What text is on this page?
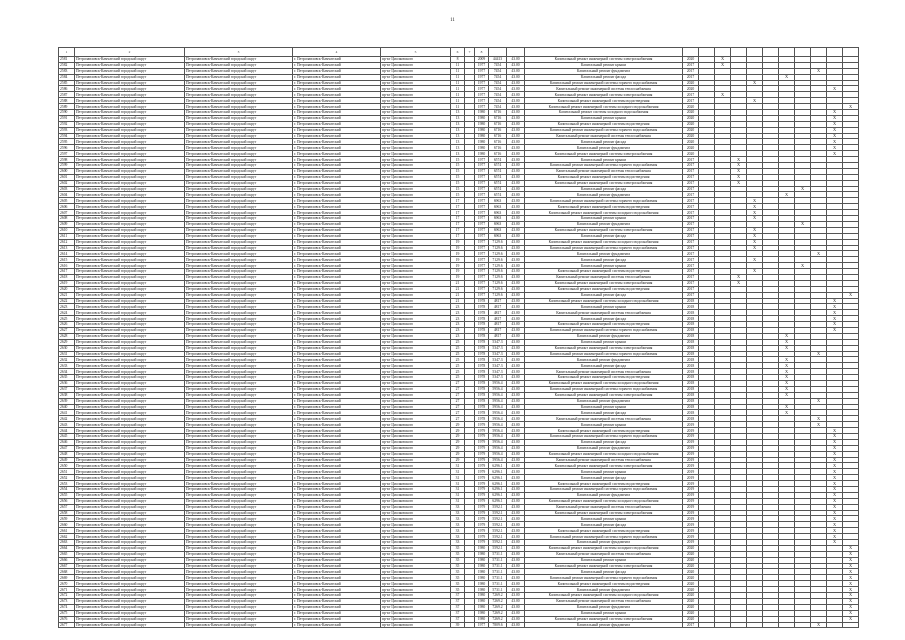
11
1	2	3	4	5	6	7	8														
2581	Петропавловск-Камчатский городской округ	Петропавловск-Камчатский городской округ	г. Петропавловск-Камчатский	пр-кт Циолковского	8		2009	44413	43.00	Капитальный ремонт инженерной системы электроснабжения	2020		X								
2582	Петропавловск-Камчатский городской округ	Петропавловск-Камчатский городской округ	г. Петропавловск-Камчатский	пр-кт Циолковского	11		1977	7454	43.00	Капитальный ремонт крыши	2017		X								
2583	Петропавловск-Камчатский городской округ	Петропавловск-Камчатский городской округ	г. Петропавловск-Камчатский	пр-кт Циолковского	11		1977	7454	43.00	Капитальный ремонт фундамента	2017								X		
2584	Петропавловск-Камчатский городской округ	Петропавловск-Камчатский городской округ	г. Петропавловск-Камчатский	пр-кт Циолковского	11		1977	7454	43.00	Капитальный ремонт фасада	2017						X				
2585	Петропавловск-Камчатский городской округ	Петропавловск-Камчатский городской округ	г. Петропавловск-Камчатский	пр-кт Циолковского	11		1977	7454	43.00	Капитальный ремонт инженерной системы горячего водоснабжения	2020				X						
2586	Петропавловск-Камчатский городской округ	Петропавловск-Камчатский городской округ	г. Петропавловск-Камчатский	пр-кт Циолковского	11		1977	7454	43.00	Капитальный ремонт инженерной системы теплоснабжения	2020									X	
2587	Петропавловск-Камчатский городской округ	Петропавловск-Камчатский городской округ	г. Петропавловск-Камчатский	пр-кт Циолковского	11		1977	7454	43.00	Капитальный ремонт инженерной системы электроснабжения	2017		X								
2588	Петропавловск-Камчатский городской округ	Петропавловск-Камчатский городской округ	г. Петропавловск-Камчатский	пр-кт Циолковского	11		1977	7454	43.00	Капитальный ремонт инженерной системы водоотведения	2017				X						
2589	Петропавловск-Камчатский городской округ	Петропавловск-Камчатский городской округ	г. Петропавловск-Камчатский	пр-кт Циолковского	11		1977	7454	43.00	Капитальный ремонт инженерной системы холодного водоснабжения	2020										X
2590	Петропавловск-Камчатский городской округ	Петропавловск-Камчатский городской округ	г. Петропавловск-Камчатский	пр-кт Циолковского	13		1980	6716	43.00	Капитальный ремонт системы холодного водоснабжения	2020									X	
2591	Петропавловск-Камчатский городской округ	Петропавловск-Камчатский городской округ	г. Петропавловск-Камчатский	пр-кт Циолковского	13		1980	6716	43.00	Капитальный ремонт крыши	2020									X	
2592	Петропавловск-Камчатский городской округ	Петропавловск-Камчатский городской округ	г. Петропавловск-Камчатский	пр-кт Циолковского	13		1980	6716	43.00	Капитальный ремонт инженерной системы водоотведения	2020									X	
2593	Петропавловск-Камчатский городской округ	Петропавловск-Камчатский городской округ	г. Петропавловск-Камчатский	пр-кт Циолковского	13		1980	6716	43.00	Капитальный ремонт инженерной системы горячего водоснабжения	2020									X	
2594	Петропавловск-Камчатский городской округ	Петропавловск-Камчатский городской округ	г. Петропавловск-Камчатский	пр-кт Циолковского	13		1980	6716	43.00	Капитальный ремонт инженерной системы теплоснабжения	2020									X	
2595	Петропавловск-Камчатский городской округ	Петропавловск-Камчатский городской округ	г. Петропавловск-Камчатский	пр-кт Циолковского	13		1980	6716	43.00	Капитальный ремонт фасада	2020									X	
2596	Петропавловск-Камчатский городской округ	Петропавловск-Камчатский городской округ	г. Петропавловск-Камчатский	пр-кт Циолковского	13		1980	6716	43.00	Капитальный ремонт фундамента	2020									X	
2597	Петропавловск-Камчатский городской округ	Петропавловск-Камчатский городской округ	г. Петропавловск-Камчатский	пр-кт Циолковского	13		1980	6716	43.00	Капитальный ремонт инженерной системы электроснабжения	2020									X	
2598	Петропавловск-Камчатский городской округ	Петропавловск-Камчатский городской округ	г. Петропавловск-Камчатский	пр-кт Циолковского	15		1977	6574	43.00	Капитальный ремонт крыши	2017			X							
2599	Петропавловск-Камчатский городской округ	Петропавловск-Камчатский городской округ	г. Петропавловск-Камчатский	пр-кт Циолковского	15		1977	6574	43.00	Капитальный ремонт инженерной системы горячего водоснабжения	2017			X							
2600	Петропавловск-Камчатский городской округ	Петропавловск-Камчатский городской округ	г. Петропавловск-Камчатский	пр-кт Циолковского	15		1977	6574	43.00	Капитальный ремонт инженерной системы теплоснабжения	2017			X							
2601	Петропавловск-Камчатский городской округ	Петропавловск-Камчатский городской округ	г. Петропавловск-Камчатский	пр-кт Циолковского	15		1977	6574	43.00	Капитальный ремонт инженерной системы водоотведения	2017			X							
2602	Петропавловск-Камчатский городской округ	Петропавловск-Камчатский городской округ	г. Петропавловск-Камчатский	пр-кт Циолковского	15		1977	6574	43.00	Капитальный ремонт инженерной системы электроснабжения	2017			X							
2603	Петропавловск-Камчатский городской округ	Петропавловск-Камчатский городской округ	г. Петропавловск-Камчатский	пр-кт Циолковского	15		1977	6574	43.00	Капитальный ремонт фасада	2017							X			
2604	Петропавловск-Камчатский городской округ	Петропавловск-Камчатский городской округ	г. Петропавловск-Камчатский	пр-кт Циолковского	15		1977	6574	43.00	Капитальный ремонт фундамента	2017						X				
2605	Петропавловск-Камчатский городской округ	Петропавловск-Камчатский городской округ	г. Петропавловск-Камчатский	пр-кт Циолковского	17		1977	6963	43.00	Капитальный ремонт инженерной системы горячего водоснабжения	2017				X						
2606	Петропавловск-Камчатский городской округ	Петропавловск-Камчатский городской округ	г. Петропавловск-Камчатский	пр-кт Циолковского	17		1977	6963	43.00	Капитальный ремонт инженерной системы водоотведения	2017				X						
2607	Петропавловск-Камчатский городской округ	Петропавловск-Камчатский городской округ	г. Петропавловск-Камчатский	пр-кт Циолковского	17		1977	6963	43.00	Капитальный ремонт инженерной системы холодного водоснабжения	2017				X						
2608	Петропавловск-Камчатский городской округ	Петропавловск-Камчатский городской округ	г. Петропавловск-Камчатский	пр-кт Циолковского	17		1977	6963	43.00	Капитальный ремонт крыши	2017				X						
2609	Петропавловск-Камчатский городской округ	Петропавловск-Камчатский городской округ	г. Петропавловск-Камчатский	пр-кт Циолковского	17		1977	6963	43.00	Капитальный ремонт фундамента	2017							X			
2610	Петропавловск-Камчатский городской округ	Петропавловск-Камчатский городской округ	г. Петропавловск-Камчатский	пр-кт Циолковского	17		1977	6963	43.00	Капитальный ремонт инженерной системы электроснабжения	2017				X						
2611	Петропавловск-Камчатский городской округ	Петропавловск-Камчатский городской округ	г. Петропавловск-Камчатский	пр-кт Циолковского	17		1977	6963	43.00	Капитальный ремонт фасада	2017				X						
2612	Петропавловск-Камчатский городской округ	Петропавловск-Камчатский городской округ	г. Петропавловск-Камчатский	пр-кт Циолковского	19		1977	7129.6	43.00	Капитальный ремонт инженерной системы холодного водоснабжения	2017				X						
2613	Петропавловск-Камчатский городской округ	Петропавловск-Камчатский городской округ	г. Петропавловск-Камчатский	пр-кт Циолковского	19		1977	7129.6	43.00	Капитальный ремонт инженерной системы горячего водоснабжения	2017				X						
2614	Петропавловск-Камчатский городской округ	Петропавловск-Камчатский городской округ	г. Петропавловск-Камчатский	пр-кт Циолковского	19		1977	7129.6	43.00	Капитальный ремонт фундамента	2017								X		
2615	Петропавловск-Камчатский городской округ	Петропавловск-Камчатский городской округ	г. Петропавловск-Камчатский	пр-кт Циолковского	19		1977	7129.6	43.00	Капитальный ремонт фасада	2017				X						
2616	Петропавловск-Камчатский городской округ	Петропавловск-Камчатский городской округ	г. Петропавловск-Камчатский	пр-кт Циолковского	19		1977	7129.6	43.00	Капитальный ремонт крыши	2017							X			
2617	Петропавловск-Камчатский городской округ	Петропавловск-Камчатский городской округ	г. Петропавловск-Камчатский	пр-кт Циолковского	19		1977	7129.6	43.00	Капитальный ремонт инженерной системы водоотведения	2017				X						
2618	Петропавловск-Камчатский городской округ	Петропавловск-Камчатский городской округ	г. Петропавловск-Камчатский	пр-кт Циолковского	19		1977	7129.6	43.00	Капитальный ремонт инженерной системы теплоснабжения	2017			X							
2619	Петропавловск-Камчатский городской округ	Петропавловск-Камчатский городской округ	г. Петропавловск-Камчатский	пр-кт Циолковского	21		1977	7129.6	43.00	Капитальный ремонт инженерной системы электроснабжения	2017			X							
2620	Петропавловск-Камчатский городской округ	Петропавловск-Камчатский городской округ	г. Петропавловск-Камчатский	пр-кт Циолковского	21		1977	7129.6	43.00	Капитальный ремонт инженерной системы водоотведения	2017										
2621	Петропавловск-Камчатский городской округ	Петропавловск-Камчатский городской округ	г. Петропавловск-Камчатский	пр-кт Циолковского	21		1977	7129.6	43.00	Капитальный ремонт фасада	2017										X
2622	Петропавловск-Камчатский городской округ	Петропавловск-Камчатский городской округ	г. Петропавловск-Камчатский	пр-кт Циолковского	21		1978	4817	43.00	Капитальный ремонт инженерной системы холодного водоснабжения	2018									X	
2623	Петропавловск-Камчатский городской округ	Петропавловск-Камчатский городской округ	г. Петропавловск-Камчатский	пр-кт Циолковского	23		1978	4817	43.00	Капитальный ремонт крыши	2018									X	
2624	Петропавловск-Камчатский городской округ	Петропавловск-Камчатский городской округ	г. Петропавловск-Камчатский	пр-кт Циолковского	23		1978	4817	43.00	Капитальный ремонт инженерной системы теплоснабжения	2018									X	
2625	Петропавловск-Камчатский городской округ	Петропавловск-Камчатский городской округ	г. Петропавловск-Камчатский	пр-кт Циолковского	23		1978	4817	43.00	Капитальный ремонт фасада	2018									X	
2626	Петропавловск-Камчатский городской округ	Петропавловск-Камчатский городской округ	г. Петропавловск-Камчатский	пр-кт Циолковского	23		1978	4817	43.00	Капитальный ремонт инженерной системы водоотведения	2018									X	
2627	Петропавловск-Камчатский городской округ	Петропавловск-Камчатский городской округ	г. Петропавловск-Камчатский	пр-кт Циолковского	23		1978	4817	43.00	Капитальный ремонт инженерной системы горячего водоснабжения	2018									X	
2628	Петропавловск-Камчатский городской округ	Петропавловск-Камчатский городской округ	г. Петропавловск-Камчатский	пр-кт Циолковского	23		1978	4817	43.00	Капитальный ремонт фундамента	2018						X				
2629	Петропавловск-Камчатский городской округ	Петропавловск-Камчатский городской округ	г. Петропавловск-Камчатский	пр-кт Циолковского	25		1978	5347.3	43.00	Капитальный ремонт крыши	2018						X				
2630	Петропавловск-Камчатский городской округ	Петропавловск-Камчатский городской округ	г. Петропавловск-Камчатский	пр-кт Циолковского	25		1978	5347.3	43.00	Капитальный ремонт инженерной системы электроснабжения	2018						X				
2631	Петропавловск-Камчатский городской округ	Петропавловск-Камчатский городской округ	г. Петропавловск-Камчатский	пр-кт Циолковского	25		1978	5347.3	43.00	Капитальный ремонт инженерной системы горячего водоснабжения	2018								X		
2632	Петропавловск-Камчатский городской округ	Петропавловск-Камчатский городской округ	г. Петропавловск-Камчатский	пр-кт Циолковского	25		1978	5347.3	43.00	Капитальный ремонт фундамента	2018						X				
2633	Петропавловск-Камчатский городской округ	Петропавловск-Камчатский городской округ	г. Петропавловск-Камчатский	пр-кт Циолковского	25		1978	5347.3	43.00	Капитальный ремонт фасада	2018						X				
2634	Петропавловск-Камчатский городской округ	Петропавловск-Камчатский городской округ	г. Петропавловск-Камчатский	пр-кт Циолковского	25		1978	5347.3	43.00	Капитальный ремонт инженерной системы теплоснабжения	2018						X				
2635	Петропавловск-Камчатский городской округ	Петропавловск-Камчатский городской округ	г. Петропавловск-Камчатский	пр-кт Циолковского	25		1978	5347.3	43.00	Капитальный ремонт инженерной системы водоотведения	2018						X				
2636	Петропавловск-Камчатский городской округ	Петропавловск-Камчатский городской округ	г. Петропавловск-Камчатский	пр-кт Циолковского	27		1978	5956.4	43.00	Капитальный ремонт инженерной системы холодного водоснабжения	2018						X				
2637	Петропавловск-Камчатский городской округ	Петропавловск-Камчатский городской округ	г. Петропавловск-Камчатский	пр-кт Циолковского	27		1978	5956.4	43.00	Капитальный ремонт инженерной системы горячего водоснабжения	2018						X				
2638	Петропавловск-Камчатский городской округ	Петропавловск-Камчатский городской округ	г. Петропавловск-Камчатский	пр-кт Циолковского	27		1978	5956.4	43.00	Капитальный ремонт инженерной системы электроснабжения	2018						X				
2639	Петропавловск-Камчатский городской округ	Петропавловск-Камчатский городской округ	г. Петропавловск-Камчатский	пр-кт Циолковского	27		1978	5956.4	43.00	Капитальный ремонт фундамента	2018								X		
2640	Петропавловск-Камчатский городской округ	Петропавловск-Камчатский городской округ	г. Петропавловск-Камчатский	пр-кт Циолковского	27		1978	5956.4	43.00	Капитальный ремонт крыши	2018						X				
2641	Петропавловск-Камчатский городской округ	Петропавловск-Камчатский городской округ	г. Петропавловск-Камчатский	пр-кт Циолковского	27		1978	5956.4	43.00	Капитальный ремонт фасада	2018						X				
2642	Петропавловск-Камчатский городской округ	Петропавловск-Камчатский городской округ	г. Петропавловск-Камчатский	пр-кт Циолковского	27		1978	5956.4	43.00	Капитальный ремонт инженерной системы теплоснабжения	2018								X		
2643	Петропавловск-Камчатский городской округ	Петропавловск-Камчатский городской округ	г. Петропавловск-Камчатский	пр-кт Циолковского	29		1979	5956.4	43.00	Капитальный ремонт крыши	2019								X		
2644	Петропавловск-Камчатский городской округ	Петропавловск-Камчатский городской округ	г. Петропавловск-Камчатский	пр-кт Циолковского	29		1979	5956.4	43.00	Капитальный ремонт инженерной системы водоотведения	2019									X	
2645	Петропавловск-Камчатский городской округ	Петропавловск-Камчатский городской округ	г. Петропавловск-Камчатский	пр-кт Циолковского	29		1979	5956.4	43.00	Капитальный ремонт инженерной системы горячего водоснабжения	2019									X	
2646	Петропавловск-Камчатский городской округ	Петропавловск-Камчатский городской округ	г. Петропавловск-Камчатский	пр-кт Циолковского	29		1979	5956.4	43.00	Капитальный ремонт фасада	2019									X	
2647	Петропавловск-Камчатский городской округ	Петропавловск-Камчатский городской округ	г. Петропавловск-Камчатский	пр-кт Циолковского	29		1979	5956.4	43.00	Капитальный ремонт фундамента	2019									X	
2648	Петропавловск-Камчатский городской округ	Петропавловск-Камчатский городской округ	г. Петропавловск-Камчатский	пр-кт Циолковского	29		1979	5956.4	43.00	Капитальный ремонт инженерной системы холодного водоснабжения	2019									X	
2649	Петропавловск-Камчатский городской округ	Петропавловск-Камчатский городской округ	г. Петропавловск-Камчатский	пр-кт Циолковского	29		1979	5956.4	43.00	Капитальный ремонт инженерной системы теплоснабжения	2019									X	
2650	Петропавловск-Камчатский городской округ	Петропавловск-Камчатский городской округ	г. Петропавловск-Камчатский	пр-кт Циолковского	31		1979	6296.1	43.00	Капитальный ремонт инженерной системы электроснабжения	2019									X	
2651	Петропавловск-Камчатский городской округ	Петропавловск-Камчатский городской округ	г. Петропавловск-Камчатский	пр-кт Циолковского	31		1979	6296.1	43.00	Капитальный ремонт крыши	2019									X	
2652	Петропавловск-Камчатский городской округ	Петропавловск-Камчатский городской округ	г. Петропавловск-Камчатский	пр-кт Циолковского	31		1979	6296.1	43.00	Капитальный ремонт фасада	2019									X	
2653	Петропавловск-Камчатский городской округ	Петропавловск-Камчатский городской округ	г. Петропавловск-Камчатский	пр-кт Циолковского	31		1979	6296.1	43.00	Капитальный ремонт инженерной системы водоотведения	2019									X	
2654	Петропавловск-Камчатский городской округ	Петропавловск-Камчатский городской округ	г. Петропавловск-Камчатский	пр-кт Циолковского	31		1979	6296.1	43.00	Капитальный ремонт инженерной системы горячего водоснабжения	2019									X	
2655	Петропавловск-Камчатский городской округ	Петропавловск-Камчатский городской округ	г. Петропавловск-Камчатский	пр-кт Циолковского	31		1979	6296.1	43.00	Капитальный ремонт фундамента	2019									X	
2656	Петропавловск-Камчатский городской округ	Петропавловск-Камчатский городской округ	г. Петропавловск-Камчатский	пр-кт Циолковского	31		1979	6296.1	43.00	Капитальный ремонт инженерной системы холодного водоснабжения	2019									X	
2657	Петропавловск-Камчатский городской округ	Петропавловск-Камчатский городской округ	г. Петропавловск-Камчатский	пр-кт Циолковского	33		1979	5592.1	43.00	Капитальный ремонт инженерной системы теплоснабжения	2019									X	
2658	Петропавловск-Камчатский городской округ	Петропавловск-Камчатский городской округ	г. Петропавловск-Камчатский	пр-кт Циолковского	33		1979	5592.1	43.00	Капитальный ремонт инженерной системы электроснабжения	2019									X	
2659	Петропавловск-Камчатский городской округ	Петропавловск-Камчатский городской округ	г. Петропавловск-Камчатский	пр-кт Циолковского	33		1979	5592.1	43.00	Капитальный ремонт крыши	2019									X	
2660	Петропавловск-Камчатский городской округ	Петропавловск-Камчатский городской округ	г. Петропавловск-Камчатский	пр-кт Циолковского	33		1979	5592.1	43.00	Капитальный ремонт фасада	2019									X	
2661	Петропавловск-Камчатский городской округ	Петропавловск-Камчатский городской округ	г. Петропавловск-Камчатский	пр-кт Циолковского	33		1979	5592.1	43.00	Капитальный ремонт инженерной системы водоотведения	2019									X	
2662	Петропавловск-Камчатский городской округ	Петропавловск-Камчатский городской округ	г. Петропавловск-Камчатский	пр-кт Циолковского	33		1979	5592.1	43.00	Капитальный ремонт инженерной системы горячего водоснабжения	2019									X	
2663	Петропавловск-Камчатский городской округ	Петропавловск-Камчатский городской округ	г. Петропавловск-Камчатский	пр-кт Циолковского	33		1979	5592.1	43.00	Капитальный ремонт фундамента	2019									X	
2664	Петропавловск-Камчатский городской округ	Петропавловск-Камчатский городской округ	г. Петропавловск-Камчатский	пр-кт Циолковского	35		1980	5592.1	43.00	Капитальный ремонт инженерной системы холодного водоснабжения	2020										X
2665	Петропавловск-Камчатский городской округ	Петропавловск-Камчатский городской округ	г. Петропавловск-Камчатский	пр-кт Циолковского	35		1980	5731.1	43.00	Капитальный ремонт инженерной системы теплоснабжения	2020										X
2666	Петропавловск-Камчатский городской округ	Петропавловск-Камчатский городской округ	г. Петропавловск-Камчатский	пр-кт Циолковского	35		1980	5731.1	43.00	Капитальный ремонт крыши	2020										X
2667	Петропавловск-Камчатский городской округ	Петропавловск-Камчатский городской округ	г. Петропавловск-Камчатский	пр-кт Циолковского	35		1980	5731.1	43.00	Капитальный ремонт инженерной системы электроснабжения	2020										X
2668	Петропавловск-Камчатский городской округ	Петропавловск-Камчатский городской округ	г. Петропавловск-Камчатский	пр-кт Циолковского	35		1980	5731.1	43.00	Капитальный ремонт фасада	2020										X
2669	Петропавловск-Камчатский городской округ	Петропавловск-Камчатский городской округ	г. Петропавловск-Камчатский	пр-кт Циолковского	35		1980	5731.1	43.00	Капитальный ремонт инженерной системы горячего водоснабжения	2020										X
2670	Петропавловск-Камчатский городской округ	Петропавловск-Камчатский городской округ	г. Петропавловск-Камчатский	пр-кт Циолковского	35		1980	5731.1	43.00	Капитальный ремонт инженерной системы водоотведения	2020										X
2671	Петропавловск-Камчатский городской округ	Петропавловск-Камчатский городской округ	г. Петропавловск-Камчатский	пр-кт Циолковского	35		1980	5731.1	43.00	Капитальный ремонт фундамента	2020										X
2672	Петропавловск-Камчатский городской округ	Петропавловск-Камчатский городской округ	г. Петропавловск-Камчатский	пр-кт Циолковского	37		1980	7269.2	43.00	Капитальный ремонт инженерной системы холодного водоснабжения	2020										X
2673	Петропавловск-Камчатский городской округ	Петропавловск-Камчатский городской округ	г. Петропавловск-Камчатский	пр-кт Циолковского	37		1980	7269.2	43.00	Капитальный ремонт инженерной системы теплоснабжения	2020										X
2674	Петропавловск-Камчатский городской округ	Петропавловск-Камчатский городской округ	г. Петропавловск-Камчатский	пр-кт Циолковского	37		1980	7269.2	43.00	Капитальный ремонт фундамента	2020										X
2675	Петропавловск-Камчатский городской округ	Петропавловск-Камчатский городской округ	г. Петропавловск-Камчатский	пр-кт Циолковского	37		1980	7269.2	43.00	Капитальный ремонт крыши	2020										X
2676	Петропавловск-Камчатский городской округ	Петропавловск-Камчатский городской округ	г. Петропавловск-Камчатский	пр-кт Циолковского	37		1980	7269.2	43.00	Капитальный ремонт инженерной системы электроснабжения	2020										X
2677	Петропавловск-Камчатский городской округ	Петропавловск-Камчатский городской округ	г. Петропавловск-Камчатский	пр-кт Циолковского	39		1977	7809.6	43.00	Капитальный ремонт фундамента	2017								X		
